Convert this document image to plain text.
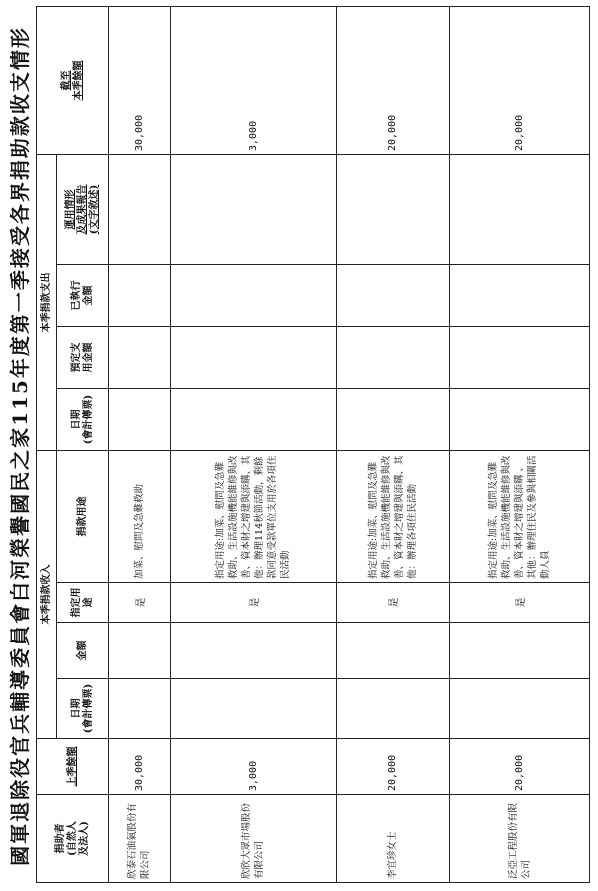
國軍退除役官兵輔導委員會白河榮譽國民之家115年度第一季接受各界捐助款收支情形 捐助者
(自然人
及法人)	上季餘額	本季捐款收入				本季捐款支出				截至
本季餘額
		日期
(會計傳票)	金額	指定用途	捐款用途	日期
(會計傳票)	預定支
用金額	已執行
金額	運用情形
及成果報告
(文字敘述)	
欣泰石油氣股份有限公司	30,000			是	加菜、慰問及急難救助					30,000
欣欣大眾市場股份有限公司	3,000			是	指定用途:加菜、慰問及急難救助、生活設施機能維修與改善、資本財之增建與添購、其他：辦理114秋節活動，剩餘款同意受款單位支用於各項住民活動					3,000
李宜珍女士	20,000			是	指定用途:加菜、慰問及急難救助、生活設施機能維修與改善、資本財之增建與添購、其他：辦理各項住民活動					20,000
泛亞工程股份有限公司	20,000			是	指定用途:加菜、慰問及急難救助、生活設施機能維修與改善、資本財之增建與添購 、其他：辦理住民及參與相關活動人員					20,000
